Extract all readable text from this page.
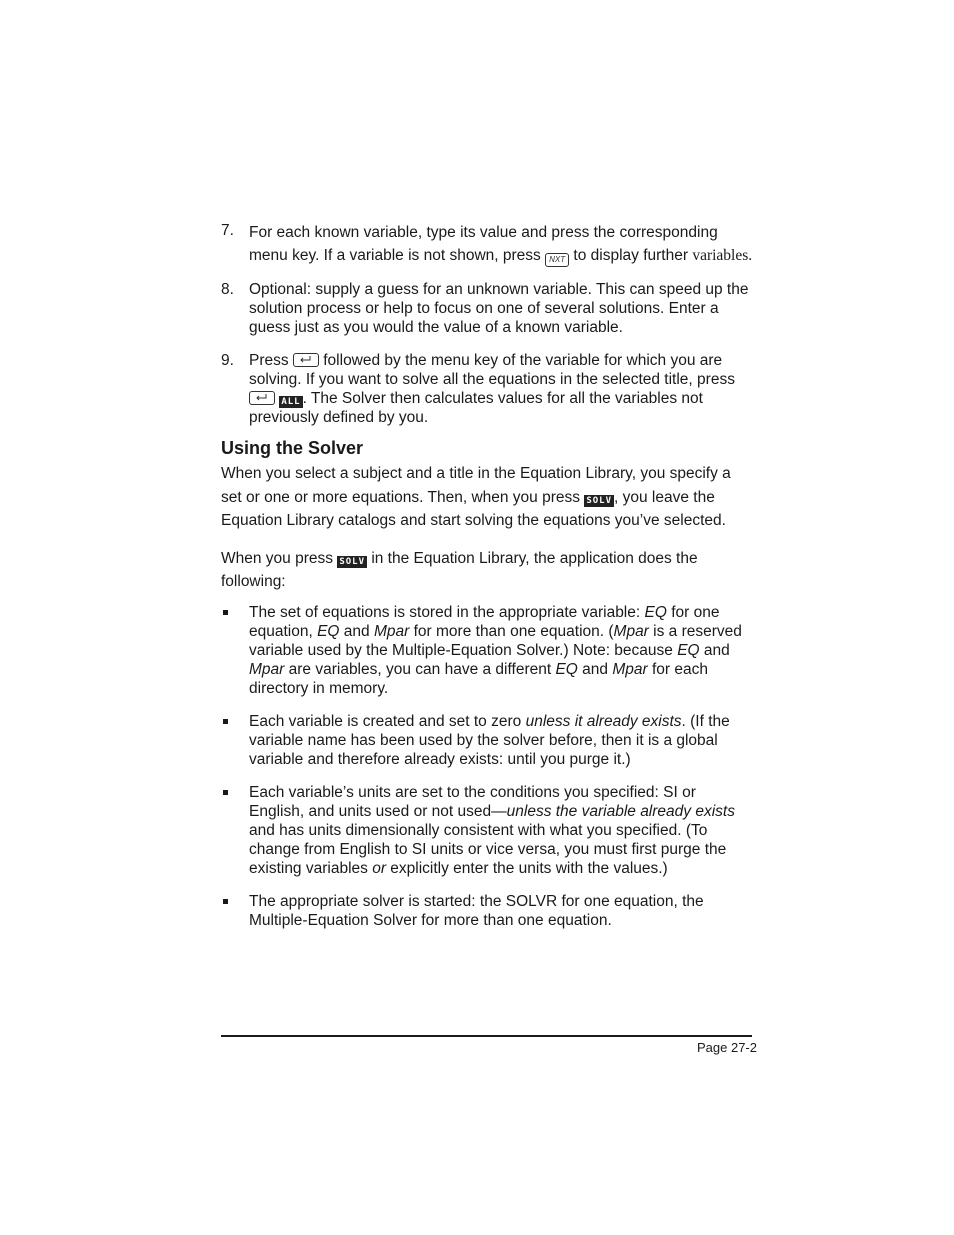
7. For each known variable, type its value and press the corresponding menu key. If a variable is not shown, press NXT to display further variables.
8. Optional: supply a guess for an unknown variable. This can speed up the solution process or help to focus on one of several solutions. Enter a guess just as you would the value of a known variable.
9. Press followed by the menu key of the variable for which you are solving. If you want to solve all the equations in the selected title, press
ALL . The Solver then calculates values for all the variables not previously defined by you.
Using the Solver
When you select a subject and a title in the Equation Library, you specify a set or one or more equations. Then, when you press SOLV , you leave the Equation Library catalogs and start solving the equations you’ve selected.
When you press SOLV in the Equation Library, the application does the following:
The set of equations is stored in the appropriate variable: EQ for one equation, EQ and Mpar for more than one equation. (Mpar is a reserved variable used by the Multiple-Equation Solver.) Note: because EQ and Mpar are variables, you can have a different EQ and Mpar for each directory in memory.
Each variable is created and set to zero unless it already exists. (If the variable name has been used by the solver before, then it is a global variable and therefore already exists: until you purge it.)
Each variable’s units are set to the conditions you specified: SI or English, and units used or not used—unless the variable already exists and has units dimensionally consistent with what you specified. (To change from English to SI units or vice versa, you must first purge the existing variables or explicitly enter the units with the values.)
The appropriate solver is started: the SOLVR for one equation, the Multiple-Equation Solver for more than one equation.
Page 27-2
